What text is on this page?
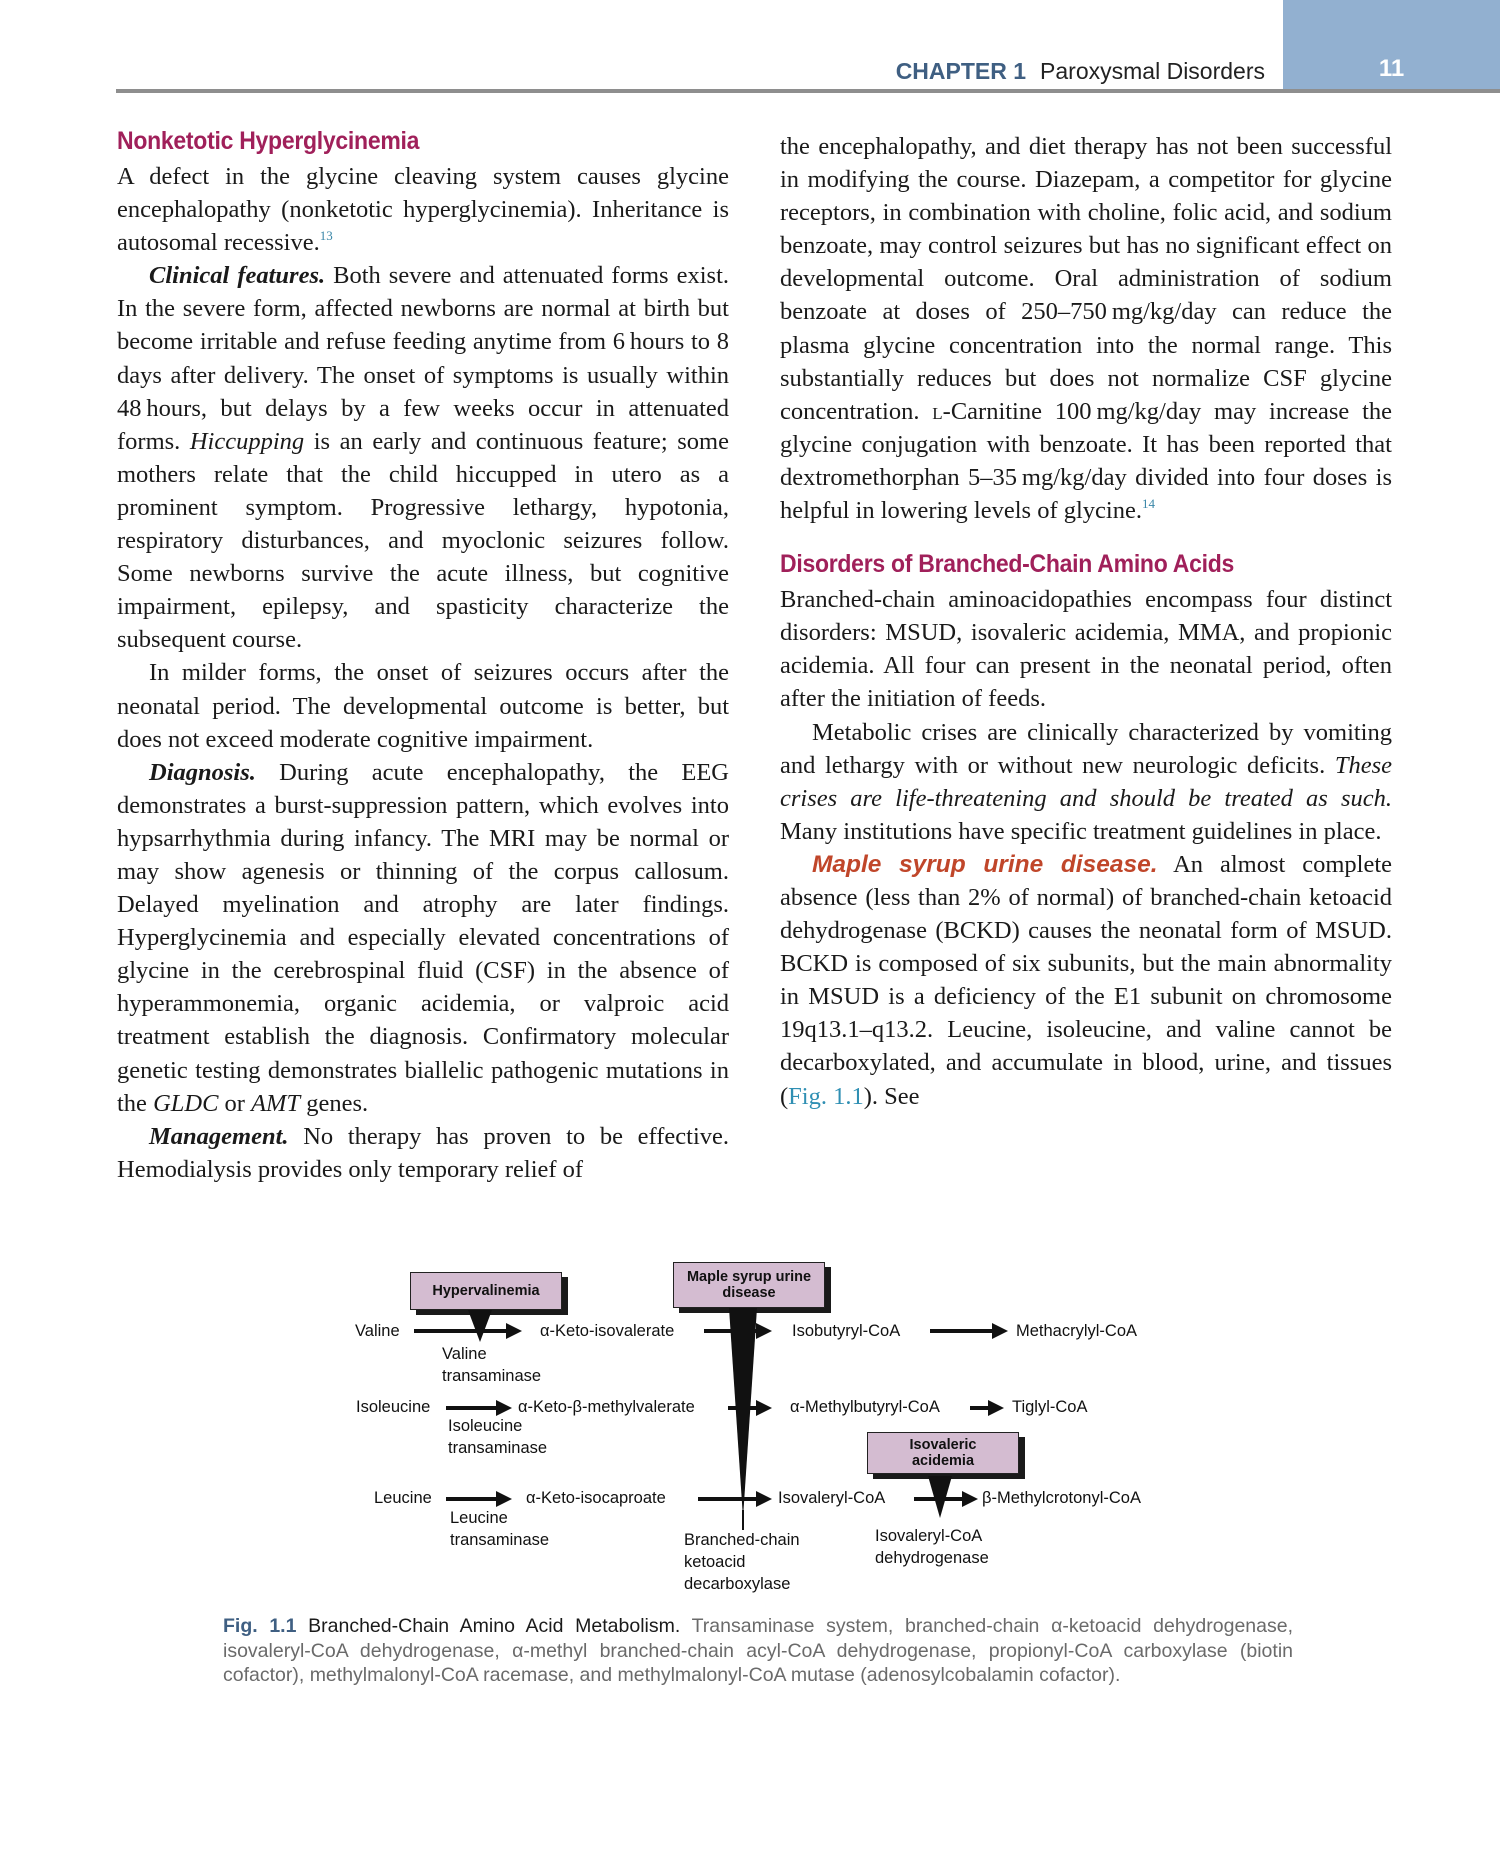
11
CHAPTER 1 Paroxysmal Disorders
Nonketotic Hyperglycinemia

A defect in the glycine cleaving system causes glycine encephalopathy (nonketotic hyperglycinemia). Inheritance is autosomal recessive.$^{13}$

Clinical features. Both severe and attenuated forms exist. In the severe form, affected newborns are normal at birth but become irritable and refuse feeding anytime from 6 hours to 8 days after delivery. The onset of symptoms is usually within 48 hours, but delays by a few weeks occur in attenuated forms. Hiccupping is an early and continuous feature; some mothers relate that the child hiccupped in utero as a prominent symptom. Progressive lethargy, hypotonia, respiratory disturbances, and myoclonic seizures follow. Some newborns survive the acute illness, but cognitive impairment, epilepsy, and spasticity characterize the subsequent course.

In milder forms, the onset of seizures occurs after the neonatal period. The developmental outcome is better, but does not exceed moderate cognitive impairment.

Diagnosis. During acute encephalopathy, the EEG demonstrates a burst-suppression pattern, which evolves into hypsarrhythmia during infancy. The MRI may be normal or may show agenesis or thinning of the corpus callosum. Delayed myelination and atrophy are later findings. Hyperglycinemia and especially elevated concentrations of glycine in the cerebrospinal fluid (CSF) in the absence of hyperammonemia, organic acidemia, or valproic acid treatment establish the diagnosis. Confirmatory molecular genetic testing demonstrates biallelic pathogenic mutations in the GLDC or AMT genes.

Management. No therapy has proven to be effective. Hemodialysis provides only temporary relief of

the encephalopathy, and diet therapy has not been successful in modifying the course. Diazepam, a competitor for glycine receptors, in combination with choline, folic acid, and sodium benzoate, may control seizures but has no significant effect on developmental outcome. Oral administration of sodium benzoate at doses of 250–750 mg/kg/day can reduce the plasma glycine concentration into the normal range. This substantially reduces but does not normalize CSF glycine concentration. l-Carnitine 100 mg/kg/day may increase the glycine conjugation with benzoate. It has been reported that dextromethorphan 5–35 mg/kg/day divided into four doses is helpful in lowering levels of glycine.$^{14}$

Disorders of Branched-Chain Amino Acids

Branched-chain aminoacidopathies encompass four distinct disorders: MSUD, isovaleric acidemia, MMA, and propionic acidemia. All four can present in the neonatal period, often after the initiation of feeds.

Metabolic crises are clinically characterized by vomiting and lethargy with or without new neurologic deficits. These crises are life-threatening and should be treated as such. Many institutions have specific treatment guidelines in place.

Maple syrup urine disease. An almost complete absence (less than 2% of normal) of branched-chain ketoacid dehydrogenase (BCKD) causes the neonatal form of MSUD. BCKD is composed of six subunits, but the main abnormality in MSUD is a deficiency of the E1 subunit on chromosome 19q13.1–q13.2. Leucine, isoleucine, and valine cannot be decarboxylated, and accumulate in blood, urine, and tissues (Fig. 1.1). See

Hypervalinemia
Maple syrup urine
disease
Isovaleric
acidemia
Valine	α-Keto-isovalerate	Isobutyryl-CoA	Methacrylyl-CoA
Valine
transaminase
Isoleucine	α-Keto-β-methylvalerate	α-Methylbutyryl-CoA	Tiglyl-CoA
Isoleucine
transaminase
Leucine	α-Keto-isocaproate	Isovaleryl-CoA	β-Methylcrotonyl-CoA
Leucine
transaminase	Branched-chain
ketoacid
decarboxylase
Isovaleryl-CoA
dehydrogenase
Fig. 1.1 Branched-Chain Amino Acid Metabolism. Transaminase system, branched-chain α-ketoacid dehydrogenase, isovaleryl-CoA dehydrogenase, α-methyl branched-chain acyl-CoA dehydrogenase, propionyl-CoA carboxylase (biotin cofactor), methylmalonyl-CoA racemase, and methylmalonyl-CoA mutase (adenosylcobalamin cofactor).
